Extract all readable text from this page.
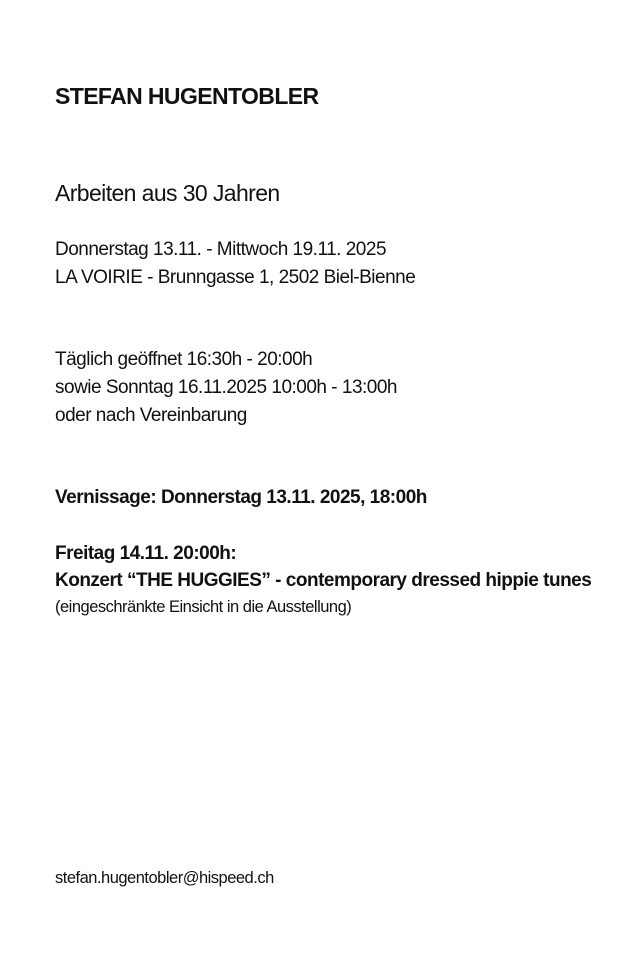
STEFAN HUGENTOBLER
Arbeiten aus 30 Jahren
Donnerstag 13.11. - Mittwoch 19.11. 2025
LA VOIRIE - Brunngasse 1, 2502 Biel-Bienne
Täglich geöffnet 16:30h - 20:00h
sowie Sonntag 16.11.2025 10:00h - 13:00h
oder nach Vereinbarung
Vernissage: Donnerstag 13.11. 2025, 18:00h
Freitag 14.11. 20:00h:
Konzert “THE HUGGIES” - contemporary dressed hippie tunes
(eingeschränkte Einsicht in die Ausstellung)
stefan.hugentobler@hispeed.ch
